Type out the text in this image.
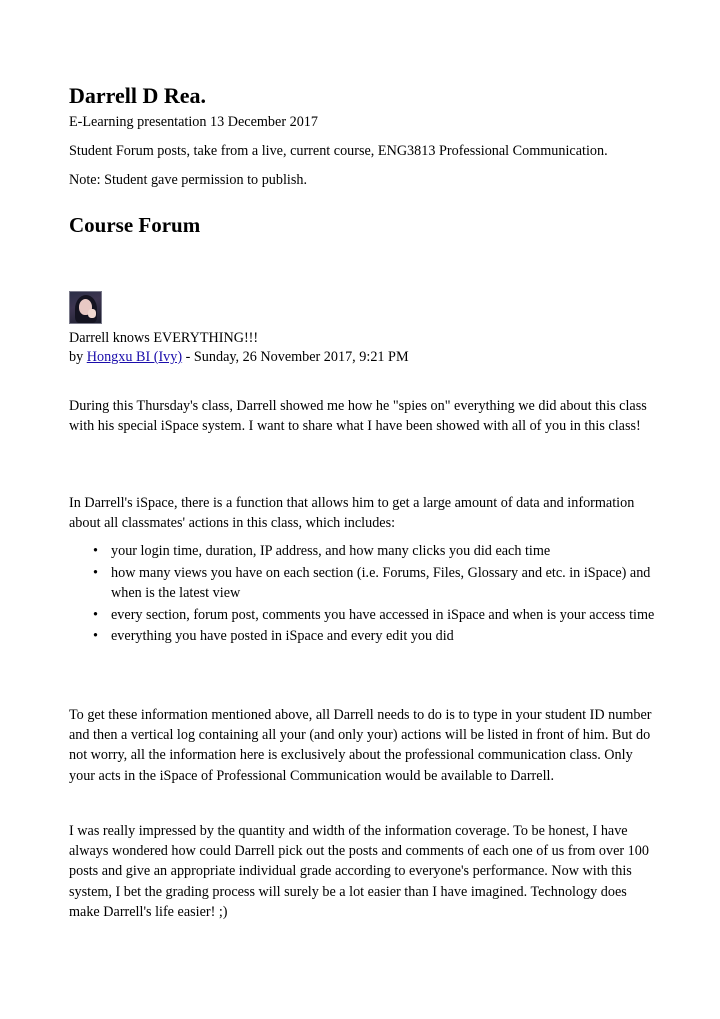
Darrell D Rea.

E-Learning presentation 13 December 2017

Student Forum posts, take from a live, current course, ENG3813 Professional Communication.

Note: Student gave permission to publish.

Course Forum

Darrell knows EVERYTHING!!!

by Hongxu BI (Ivy) - Sunday, 26 November 2017, 9:21 PM

During this Thursday's class, Darrell showed me how he "spies on" everything we did about this class with his special iSpace system. I want to share what I have been showed with all of you in this class!

In Darrell's iSpace, there is a function that allows him to get a large amount of data and information about all classmates' actions in this class, which includes:

• your login time, duration, IP address, and how many clicks you did each time
• how many views you have on each section (i.e. Forums, Files, Glossary and etc. in iSpace) and when is the latest view
• every section, forum post, comments you have accessed in iSpace and when is your access time
• everything you have posted in iSpace and every edit you did

To get these information mentioned above, all Darrell needs to do is to type in your student ID number and then a vertical log containing all your (and only your) actions will be listed in front of him. But do not worry, all the information here is exclusively about the professional communication class. Only your acts in the iSpace of Professional Communication would be available to Darrell.

I was really impressed by the quantity and width of the information coverage. To be honest, I have always wondered how could Darrell pick out the posts and comments of each one of us from over 100 posts and give an appropriate individual grade according to everyone's performance. Now with this system, I bet the grading process will surely be a lot easier than I have imagined. Technology does make Darrell's life easier! ;)
